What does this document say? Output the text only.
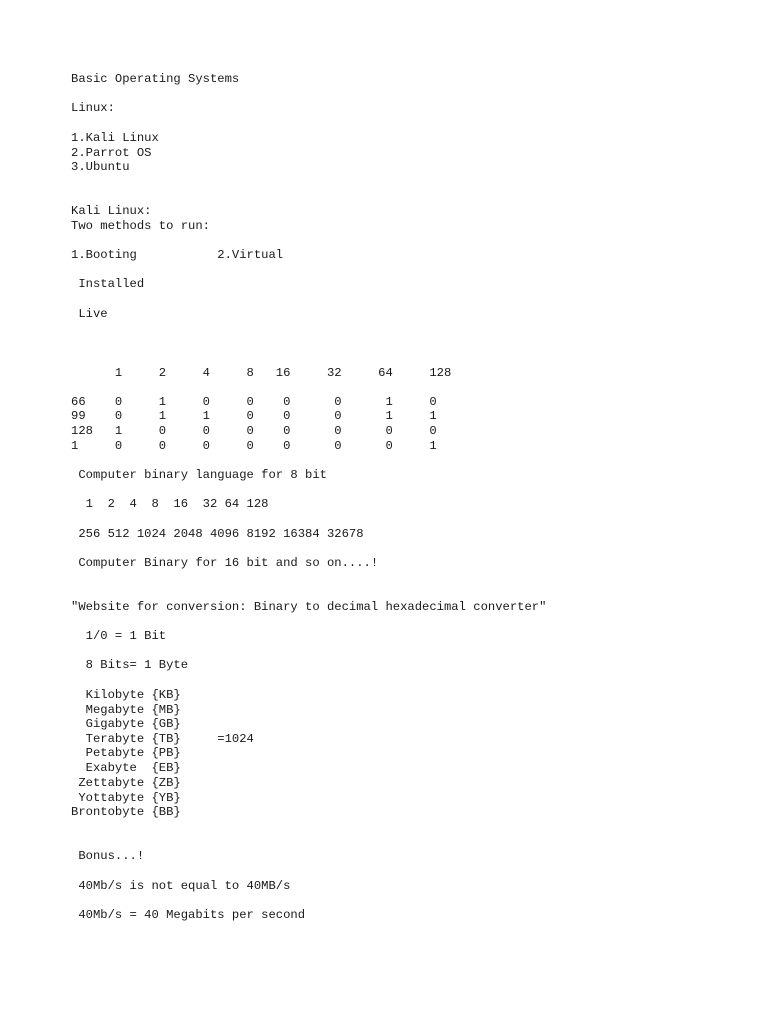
Basic Operating Systems

Linux:

1.Kali Linux

2.Parrot OS

3.Ubuntu

Kali Linux:

Two methods to run:

1.Booting           2.Virtual

Installed

Live

1     2     4     8   16     32     64     128

66    0     1     0     0    0      0      1     0

99    0     1     1     0    0      0      1     1

128   1     0     0     0    0      0      0     0

1     0     0     0     0    0      0      0     1

Computer binary language for 8 bit

1  2  4  8  16  32 64 128

256 512 1024 2048 4096 8192 16384 32678

Computer Binary for 16 bit and so on....!

"Website for conversion: Binary to decimal hexadecimal converter"

1/0 = 1 Bit

8 Bits= 1 Byte

Kilobyte {KB}

Megabyte {MB}

Gigabyte {GB}

Terabyte {TB}     =1024

Petabyte {PB}

Exabyte  {EB}

Zettabyte {ZB}

Yottabyte {YB}

Brontobyte {BB}

Bonus...!

40Mb/s is not equal to 40MB/s

40Mb/s = 40 Megabits per second
